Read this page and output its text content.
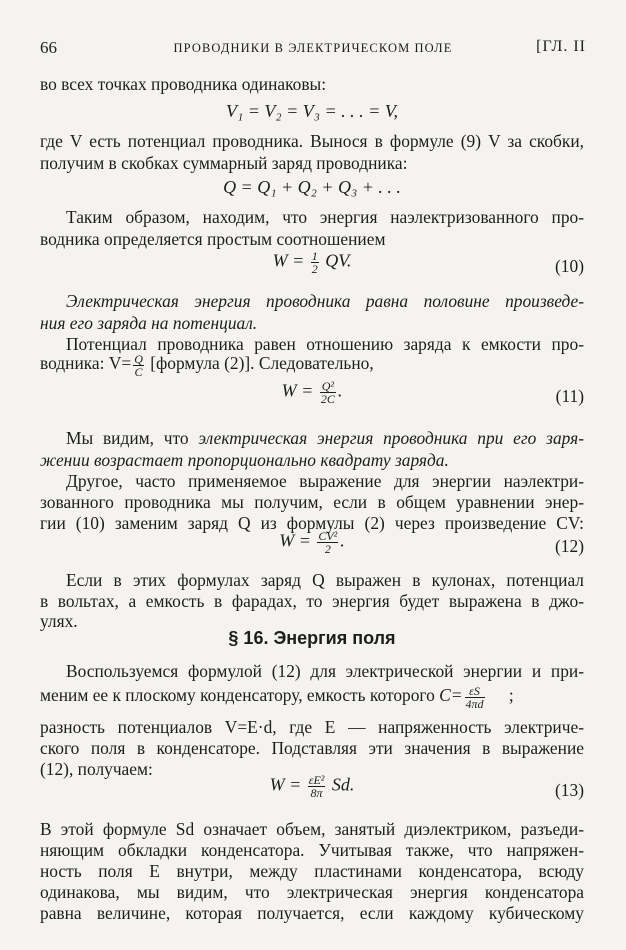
66	ПРОВОДНИКИ В ЭЛЕКТРИЧЕСКОМ ПОЛЕ	[ГЛ. II
во всех точках проводника одинаковы:
V₁ = V₂ = V₃ = . . . = V,
где V есть потенциал проводника. Вынося в формуле (9) V за скобки,
получим в скобках суммарный заряд проводника:
Q = Q₁ + Q₂ + Q₃ + . . .
Таким образом, находим, что энергия наэлектризованного про-
водника определяется простым соотношением
$W = \frac{1}{2}$ QV.	(10)
Электрическая энергия проводника равна половине произведе-
ния его заряда на потенциал.
Потенциал проводника равен отношению заряда к емкости про-
водника: $V= \frac{Q}{C}$ [формула (2)]. Следовательно,
$W = \frac{\text{Q²}}{2C}$ .	(11)
Мы видим, что электрическая энергия проводника при его заря-
жении возрастает пропорционально квадрату заряда.
Другое, часто применяемое выражение для энергии наэлектри-
зованного проводника мы получим, если в общем уравнении энер-
гии (10) заменим заряд Q из формулы (2) через произведение CV:
$W = \frac{\text{CV²}}{2}$ .	(12)
Если в этих формулах заряд Q выражен в кулонах, потенциал
в вольтах, а емкость в фарадах, то энергия будет выражена в джо-
улях.
§ 16. Энергия поля
Воспользуемся формулой (12) для электрической энергии и при-
меним ее к плоскому конденсатору, емкость которого $C= \frac{\varepsilon S}{4\pi d}$ ;
разность потенциалов V=E·d, где E — напряженность электриче-
ского поля в конденсаторе. Подставляя эти значения в выражение
(12), получаем:
$W = \frac{\text{εE²}}{8\pi} Sd$.	(13)
В этой формуле Sd означает объем, занятый диэлектриком, разъеди-
няющим обкладки конденсатора. Учитывая также, что напряжен-
ность поля E внутри, между пластинами конденсатора, всюду
одинакова, мы видим, что электрическая энергия конденсатора
равна величине, которая получается, если каждому кубическому
